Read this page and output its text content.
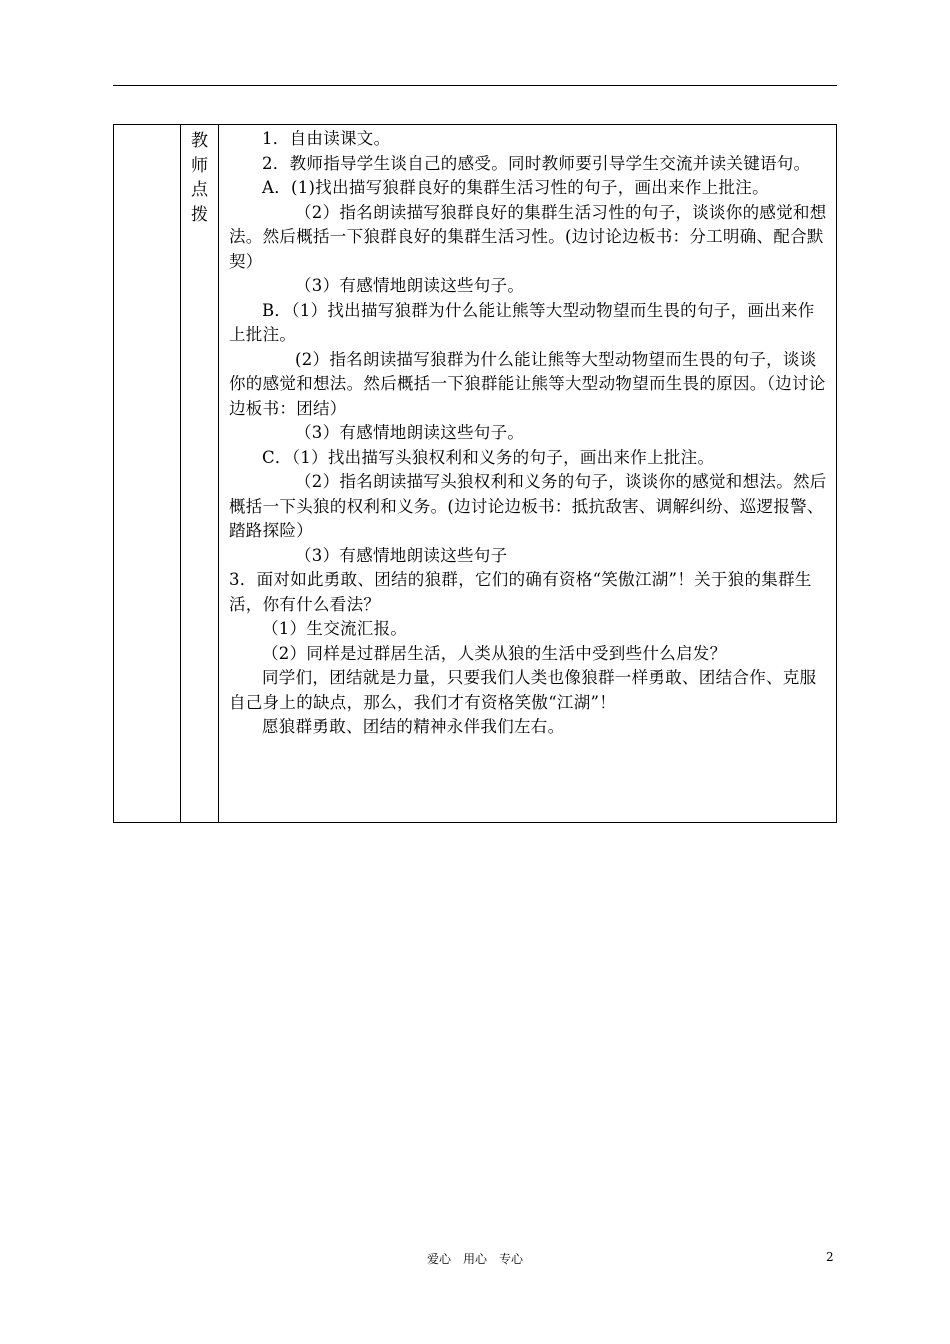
教
师
点
拨

1．自由读课文。

2．教师指导学生谈自己的感受。同时教师要引导学生交流并读关键语句。

A．(1)找出描写狼群良好的集群生活习性的句子，画出来作上批注。

（2）指名朗读描写狼群良好的集群生活习性的句子，谈谈你的感觉和想法。然后概括一下狼群良好的集群生活习性。(边讨论边板书：分工明确、配合默契）

（3）有感情地朗读这些句子。

B．（1）找出描写狼群为什么能让熊等大型动物望而生畏的句子，画出来作上批注。

(2）指名朗读描写狼群为什么能让熊等大型动物望而生畏的句子，谈谈你的感觉和想法。然后概括一下狼群能让熊等大型动物望而生畏的原因。（边讨论边板书：团结）

（3）有感情地朗读这些句子。

C．（1）找出描写头狼权利和义务的句子，画出来作上批注。

（2）指名朗读描写头狼权利和义务的句子，谈谈你的感觉和想法。然后概括一下头狼的权利和义务。(边讨论边板书：抵抗敌害、调解纠纷、巡逻报警、踏路探险）

（3）有感情地朗读这些句子

3．面对如此勇敢、团结的狼群，它们的确有资格“笑傲江湖”！关于狼的集群生活，你有什么看法？

（1）生交流汇报。

（2）同样是过群居生活，人类从狼的生活中受到些什么启发？

同学们，团结就是力量，只要我们人类也像狼群一样勇敢、团结合作、克服自己身上的缺点，那么，我们才有资格笑傲“江湖”！

愿狼群勇敢、团结的精神永伴我们左右。

爱心　用心　专心	2
